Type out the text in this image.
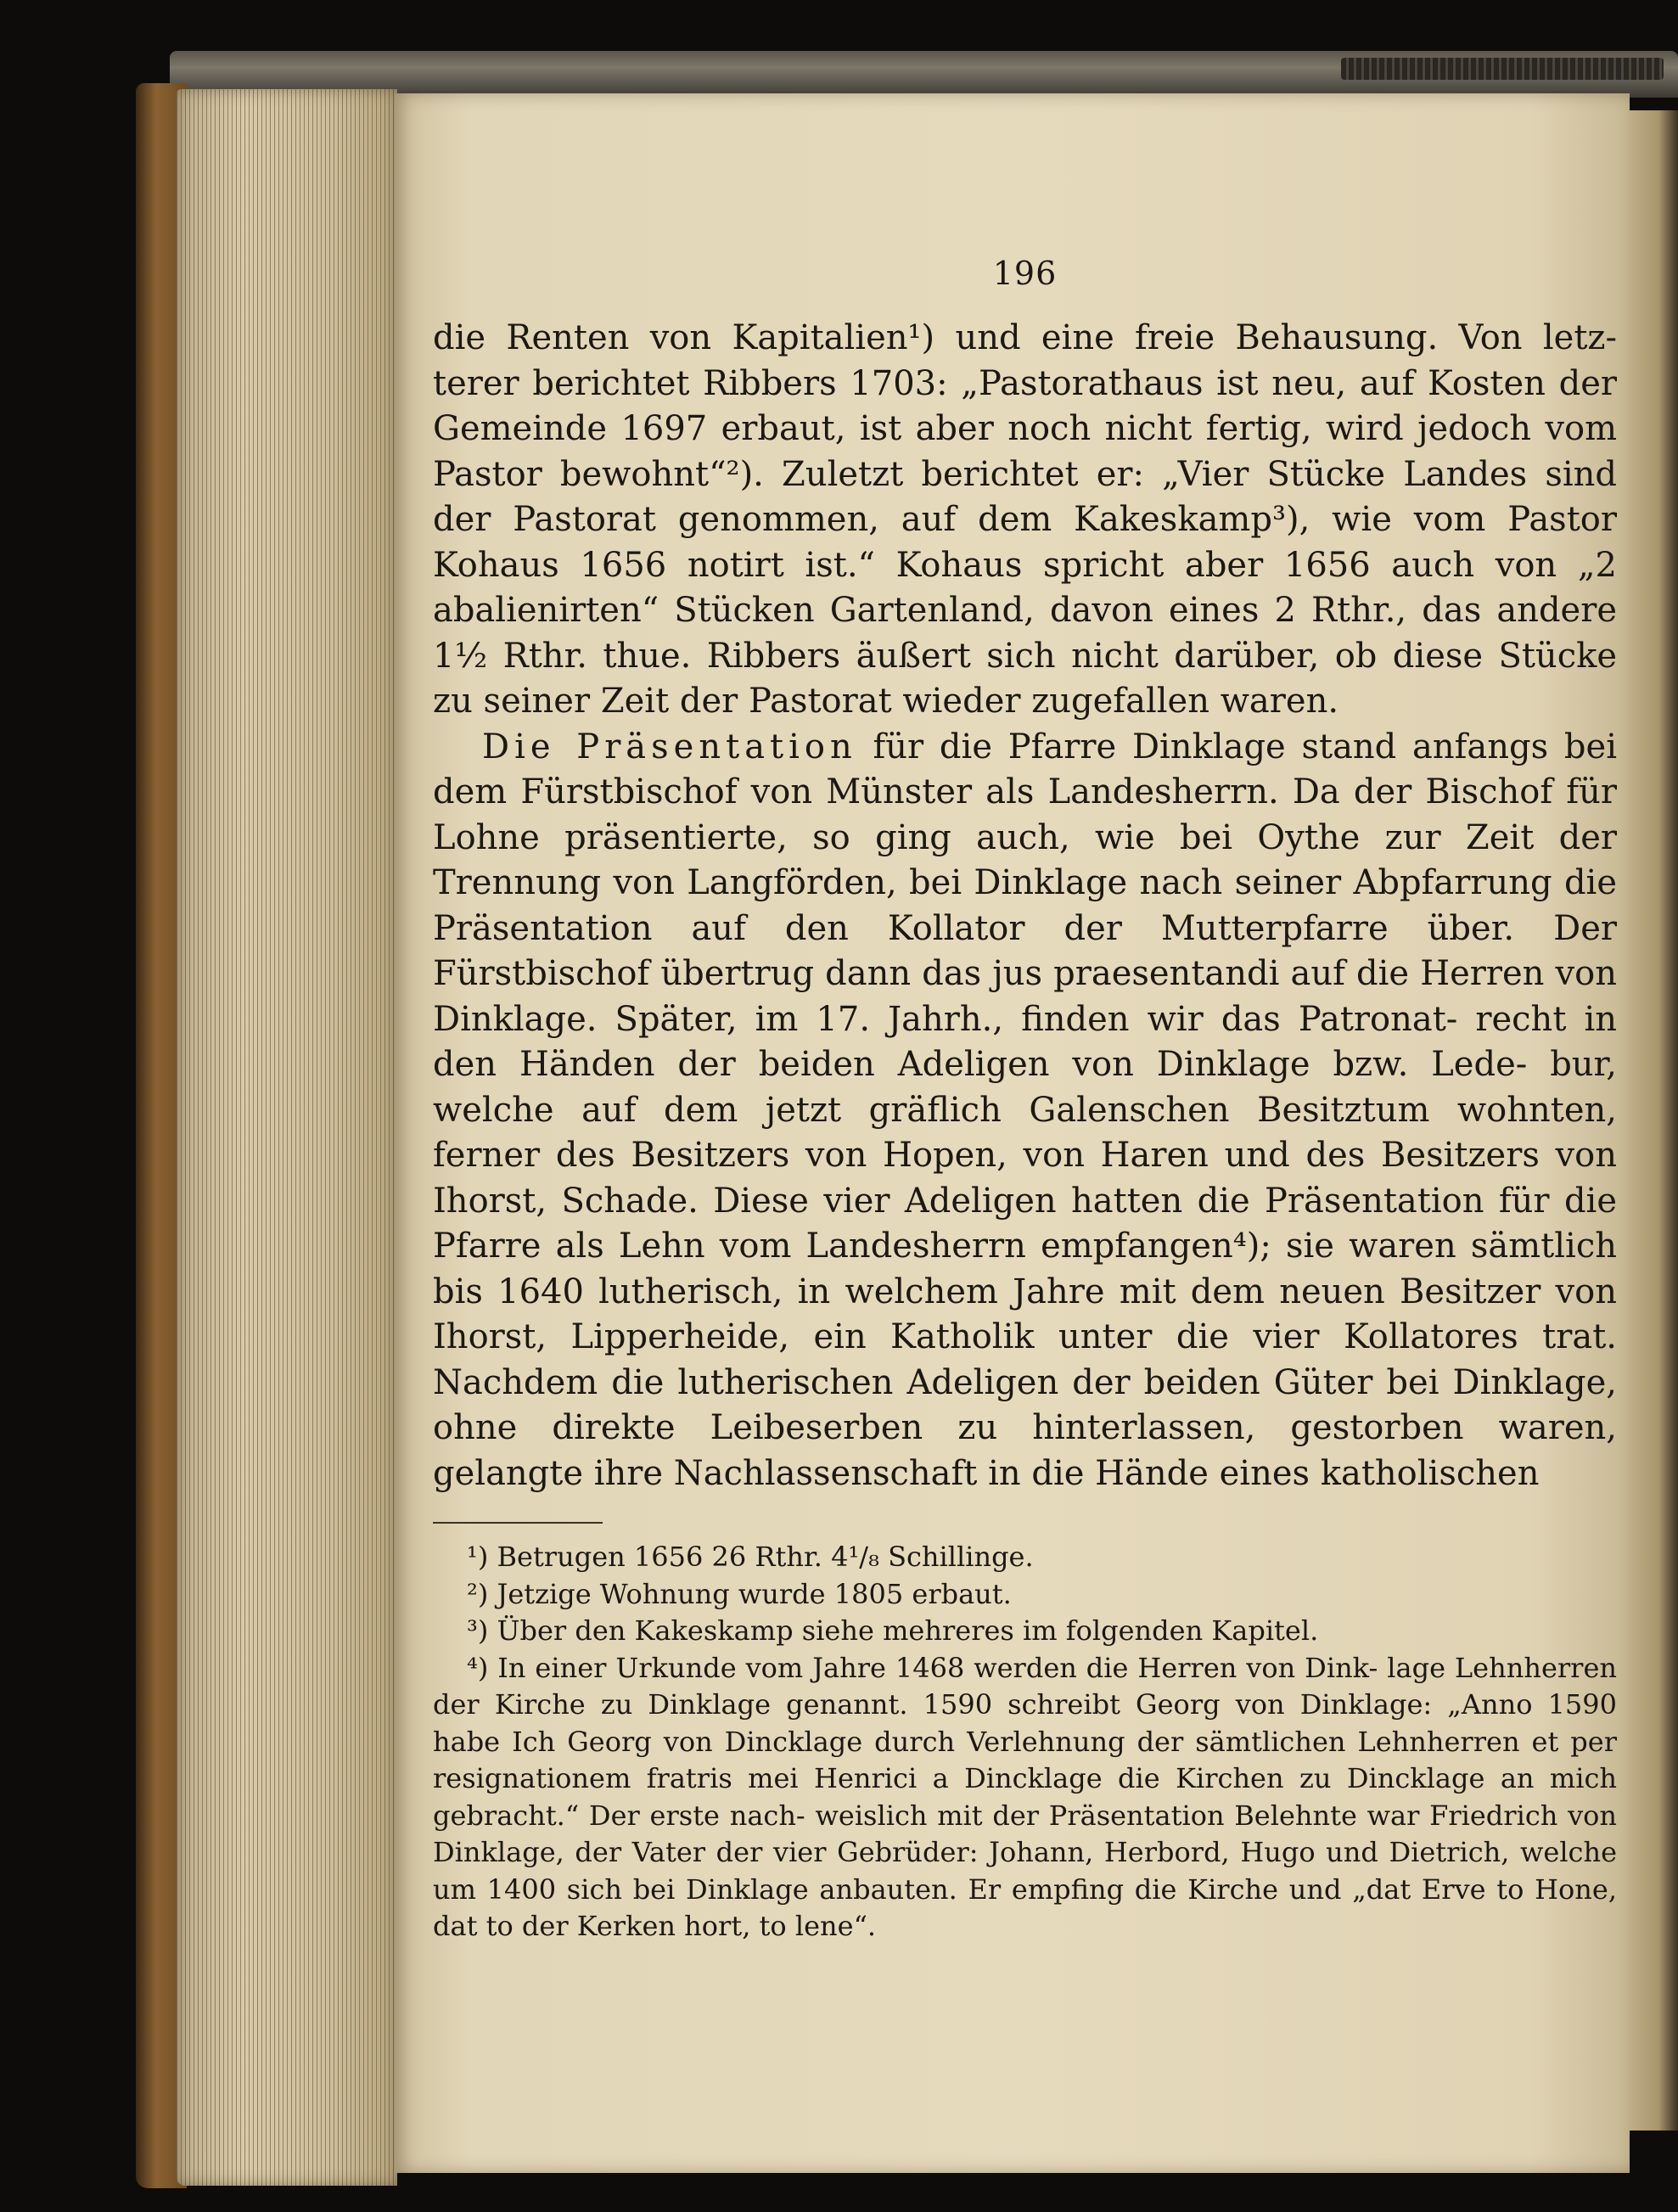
196

die Renten von Kapitalien¹) und eine freie Behausung. Von letz- terer berichtet Ribbers 1703: „Pastorathaus ist neu, auf Kosten der Gemeinde 1697 erbaut, ist aber noch nicht fertig, wird jedoch vom Pastor bewohnt“²). Zuletzt berichtet er: „Vier Stücke Landes sind der Pastorat genommen, auf dem Kakeskamp³), wie vom Pastor Kohaus 1656 notirt ist.“ Kohaus spricht aber 1656 auch von „2 abalienirten“ Stücken Gartenland, davon eines 2 Rthr., das andere 1½ Rthr. thue. Ribbers äußert sich nicht darüber, ob diese Stücke zu seiner Zeit der Pastorat wieder zugefallen waren.

Die Präsentation für die Pfarre Dinklage stand anfangs bei dem Fürstbischof von Münster als Landesherrn. Da der Bischof für Lohne präsentierte, so ging auch, wie bei Oythe zur Zeit der Trennung von Langförden, bei Dinklage nach seiner Abpfarrung die Präsentation auf den Kollator der Mutterpfarre über. Der Fürstbischof übertrug dann das jus praesentandi auf die Herren von Dinklage. Später, im 17. Jahrh., finden wir das Patronat- recht in den Händen der beiden Adeligen von Dinklage bzw. Lede- bur, welche auf dem jetzt gräflich Galenschen Besitztum wohnten, ferner des Besitzers von Hopen, von Haren und des Besitzers von Ihorst, Schade. Diese vier Adeligen hatten die Präsentation für die Pfarre als Lehn vom Landesherrn empfangen⁴); sie waren sämtlich bis 1640 lutherisch, in welchem Jahre mit dem neuen Besitzer von Ihorst, Lipperheide, ein Katholik unter die vier Kollatores trat. Nachdem die lutherischen Adeligen der beiden Güter bei Dinklage, ohne direkte Leibeserben zu hinterlassen, gestorben waren, gelangte ihre Nachlassenschaft in die Hände eines katholischen

¹) Betrugen 1656 26 Rthr. 4¹/₈ Schillinge.

²) Jetzige Wohnung wurde 1805 erbaut.

³) Über den Kakeskamp siehe mehreres im folgenden Kapitel.

⁴) In einer Urkunde vom Jahre 1468 werden die Herren von Dink- lage Lehnherren der Kirche zu Dinklage genannt. 1590 schreibt Georg von Dinklage: „Anno 1590 habe Ich Georg von Dincklage durch Verlehnung der sämtlichen Lehnherren et per resignationem fratris mei Henrici a Dincklage die Kirchen zu Dincklage an mich gebracht.“ Der erste nach- weislich mit der Präsentation Belehnte war Friedrich von Dinklage, der Vater der vier Gebrüder: Johann, Herbord, Hugo und Dietrich, welche um 1400 sich bei Dinklage anbauten. Er empfing die Kirche und „dat Erve to Hone, dat to der Kerken hort, to lene“.
